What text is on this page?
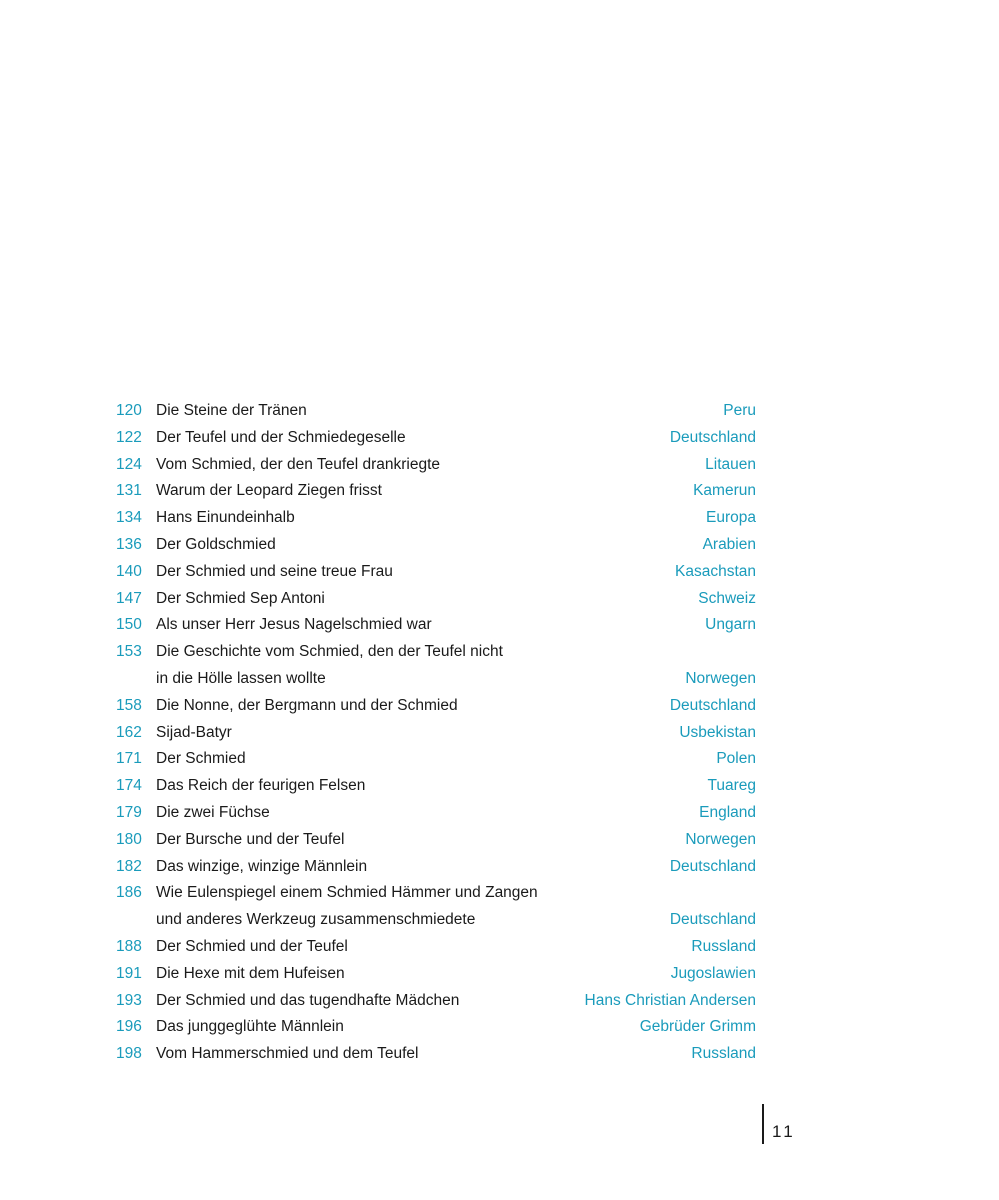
120 Die Steine der Tränen	Peru
122 Der Teufel und der Schmiedegeselle	Deutschland
124 Vom Schmied, der den Teufel drankriegte	Litauen
131 Warum der Leopard Ziegen frisst	Kamerun
134 Hans Einundeinhalb	Europa
136 Der Goldschmied	Arabien
140 Der Schmied und seine treue Frau	Kasachstan
147 Der Schmied Sep Antoni	Schweiz
150 Als unser Herr Jesus Nagelschmied war	Ungarn
153 Die Geschichte vom Schmied, den der Teufel nicht
in die Hölle lassen wollte	Norwegen
158 Die Nonne, der Bergmann und der Schmied	Deutschland
162 Sijad-Batyr	Usbekistan
171 Der Schmied	Polen
174 Das Reich der feurigen Felsen	Tuareg
179 Die zwei Füchse	England
180 Der Bursche und der Teufel	Norwegen
182 Das winzige, winzige Männlein	Deutschland
186 Wie Eulenspiegel einem Schmied Hämmer und Zangen
und anderes Werkzeug zusammenschmiedete	Deutschland
188 Der Schmied und der Teufel	Russland
191 Die Hexe mit dem Hufeisen	Jugoslawien
193 Der Schmied und das tugendhafte Mädchen	Hans Christian Andersen
196 Das junggeglühte Männlein	Gebrüder Grimm
198 Vom Hammerschmied und dem Teufel	Russland
11
